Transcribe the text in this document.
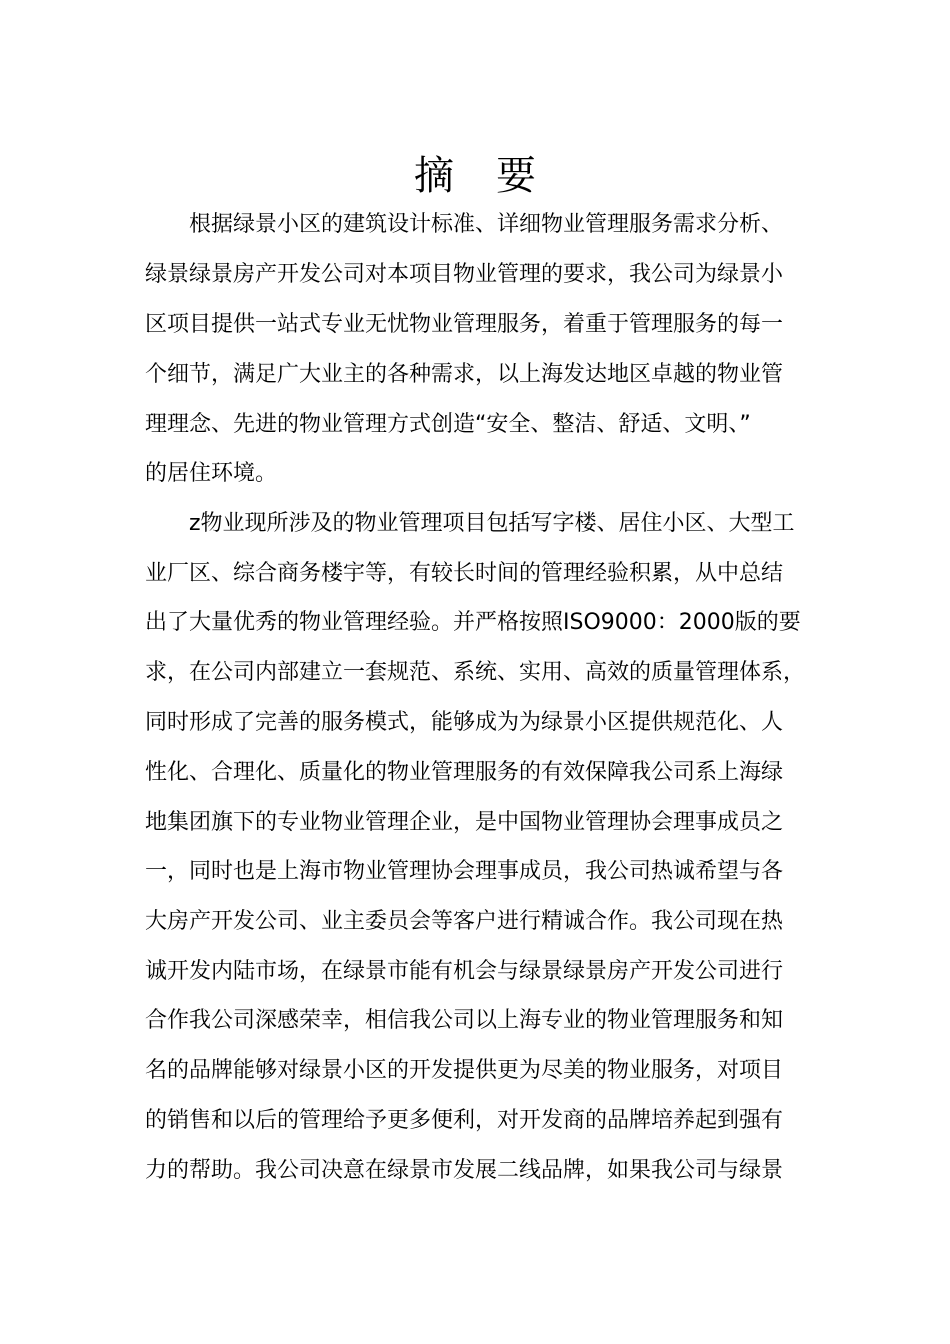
摘 要
　　根据绿景小区的建筑设计标准、详细物业管理服务需求分析、
绿景绿景房产开发公司对本项目物业管理的要求，我公司为绿景小
区项目提供一站式专业无忧物业管理服务，着重于管理服务的每一
个细节，满足广大业主的各种需求，以上海发达地区卓越的物业管
理理念、先进的物业管理方式创造“安全、整洁、舒适、文明、”
的居住环境。
　　z物业现所涉及的物业管理项目包括写字楼、居住小区、大型工
业厂区、综合商务楼宇等，有较长时间的管理经验积累，从中总结
出了大量优秀的物业管理经验。并严格按照ISO9000：2000版的要
求，在公司内部建立一套规范、系统、实用、高效的质量管理体系，
同时形成了完善的服务模式，能够成为为绿景小区提供规范化、人
性化、合理化、质量化的物业管理服务的有效保障我公司系上海绿
地集团旗下的专业物业管理企业，是中国物业管理协会理事成员之
一，同时也是上海市物业管理协会理事成员，我公司热诚希望与各
大房产开发公司、业主委员会等客户进行精诚合作。我公司现在热
诚开发内陆市场，在绿景市能有机会与绿景绿景房产开发公司进行
合作我公司深感荣幸，相信我公司以上海专业的物业管理服务和知
名的品牌能够对绿景小区的开发提供更为尽美的物业服务，对项目
的销售和以后的管理给予更多便利，对开发商的品牌培养起到强有
力的帮助。我公司决意在绿景市发展二线品牌，如果我公司与绿景
